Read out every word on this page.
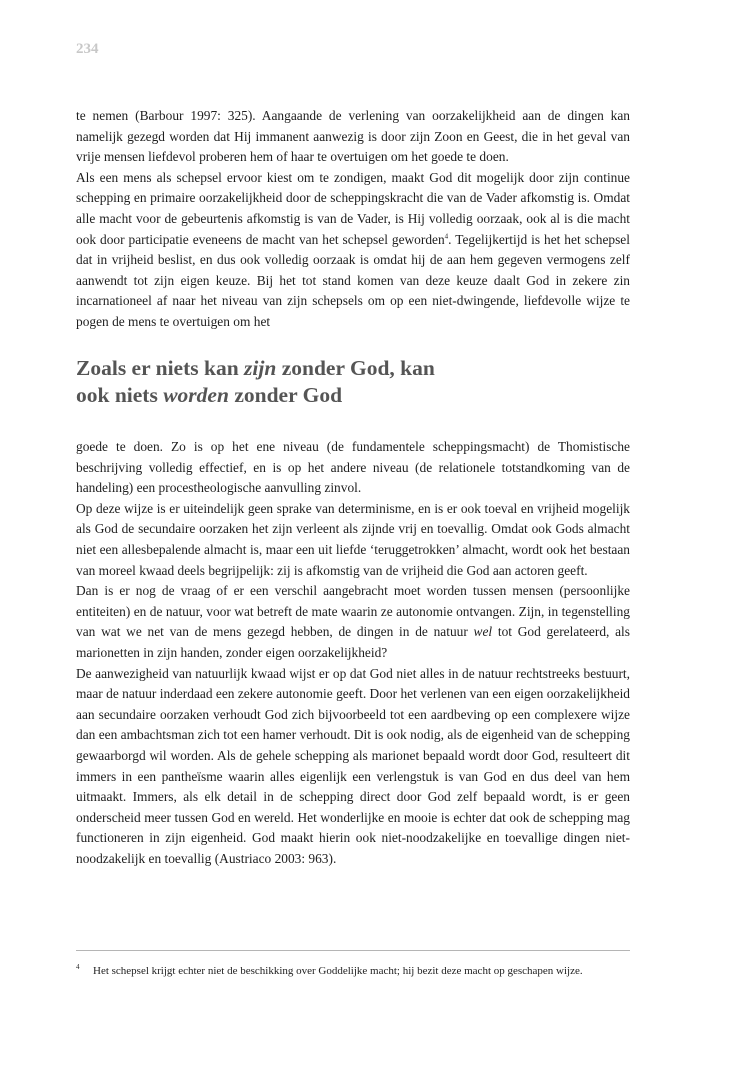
234

te nemen (Barbour 1997: 325). Aangaande de verlening van oorzakelijkheid aan de dingen kan namelijk gezegd worden dat Hij immanent aanwezig is door zijn Zoon en Geest, die in het geval van vrije mensen liefdevol proberen hem of haar te overtuigen om het goede te doen.

Als een mens als schepsel ervoor kiest om te zondigen, maakt God dit mogelijk door zijn continue schepping en primaire oorzakelijkheid door de scheppingskracht die van de Vader afkomstig is. Omdat alle macht voor de gebeurtenis afkomstig is van de Vader, is Hij volledig oorzaak, ook al is die macht ook door participatie eveneens de macht van het schepsel geworden$^4$. Tegelijkertijd is het het schepsel dat in vrijheid beslist, en dus ook volledig oorzaak is omdat hij de aan hem gegeven vermogens zelf aanwendt tot zijn eigen keuze. Bij het tot stand komen van deze keuze daalt God in zekere zin incarnationeel af naar het niveau van zijn schepsels om op een niet-dwingende, liefdevolle wijze te pogen de mens te overtuigen om het

Zoals er niets kan zijn zonder God, kan
ook niets worden zonder God

goede te doen. Zo is op het ene niveau (de fundamentele scheppingsmacht) de Thomistische beschrijving volledig effectief, en is op het andere niveau (de relationele totstandkoming van de handeling) een procestheologische aanvulling zinvol.

Op deze wijze is er uiteindelijk geen sprake van determinisme, en is er ook toeval en vrijheid mogelijk als God de secundaire oorzaken het zijn verleent als zijnde vrij en toevallig. Omdat ook Gods almacht niet een allesbepalende almacht is, maar een uit liefde ‘teruggetrokken’ almacht, wordt ook het bestaan van moreel kwaad deels begrijpelijk: zij is afkomstig van de vrijheid die God aan actoren geeft.

Dan is er nog de vraag of er een verschil aangebracht moet worden tussen mensen (persoonlijke entiteiten) en de natuur, voor wat betreft de mate waarin ze autonomie ontvangen. Zijn, in tegenstelling van wat we net van de mens gezegd hebben, de dingen in de natuur wel tot God gerelateerd, als marionetten in zijn handen, zonder eigen oorzakelijkheid?

De aanwezigheid van natuurlijk kwaad wijst er op dat God niet alles in de natuur rechtstreeks bestuurt, maar de natuur inderdaad een zekere autonomie geeft. Door het verlenen van een eigen oorzakelijkheid aan secundaire oorzaken verhoudt God zich bijvoorbeeld tot een aardbeving op een complexere wijze dan een ambachtsman zich tot een hamer verhoudt. Dit is ook nodig, als de eigenheid van de schepping gewaarborgd wil worden. Als de gehele schepping als marionet bepaald wordt door God, resulteert dit immers in een pantheïsme waarin alles eigenlijk een verlengstuk is van God en dus deel van hem uitmaakt. Immers, als elk detail in de schepping direct door God zelf bepaald wordt, is er geen onderscheid meer tussen God en wereld. Het wonderlijke en mooie is echter dat ook de schepping mag functioneren in zijn eigenheid. God maakt hierin ook niet-noodzakelijke en toevallige dingen niet-noodzakelijk en toevallig (Austriaco 2003: 963).

4 Het schepsel krijgt echter niet de beschikking over Goddelijke macht; hij bezit deze macht op geschapen wijze.
